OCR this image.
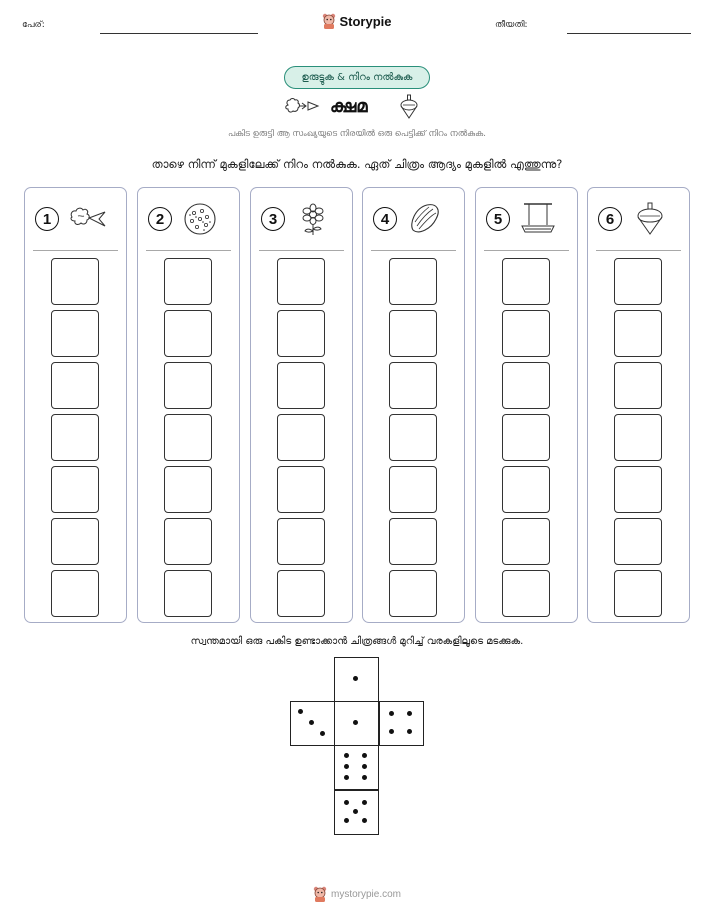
പേര്:	Storypie	തീയതി:
ഉരുട്ടുക & നിറം നൽകുക
ക്ഷമ
പകിട ഉരുട്ടി ആ സംഖ്യയുടെ നിരയിൽ ഒരു പെട്ടിക്ക് നിറം നൽകുക.
താഴെ നിന്ന് മുകളിലേക്ക് നിറം നൽകുക. ഏത് ചിത്രം ആദ്യം മുകളിൽ എത്തുന്നു?
1	2	3	4	5	6
സ്വന്തമായി ഒരു പകിട ഉണ്ടാക്കാൻ ചിത്രങ്ങൾ മുറിച്ച് വരകളിലൂടെ മടക്കുക.
mystorypie.com
